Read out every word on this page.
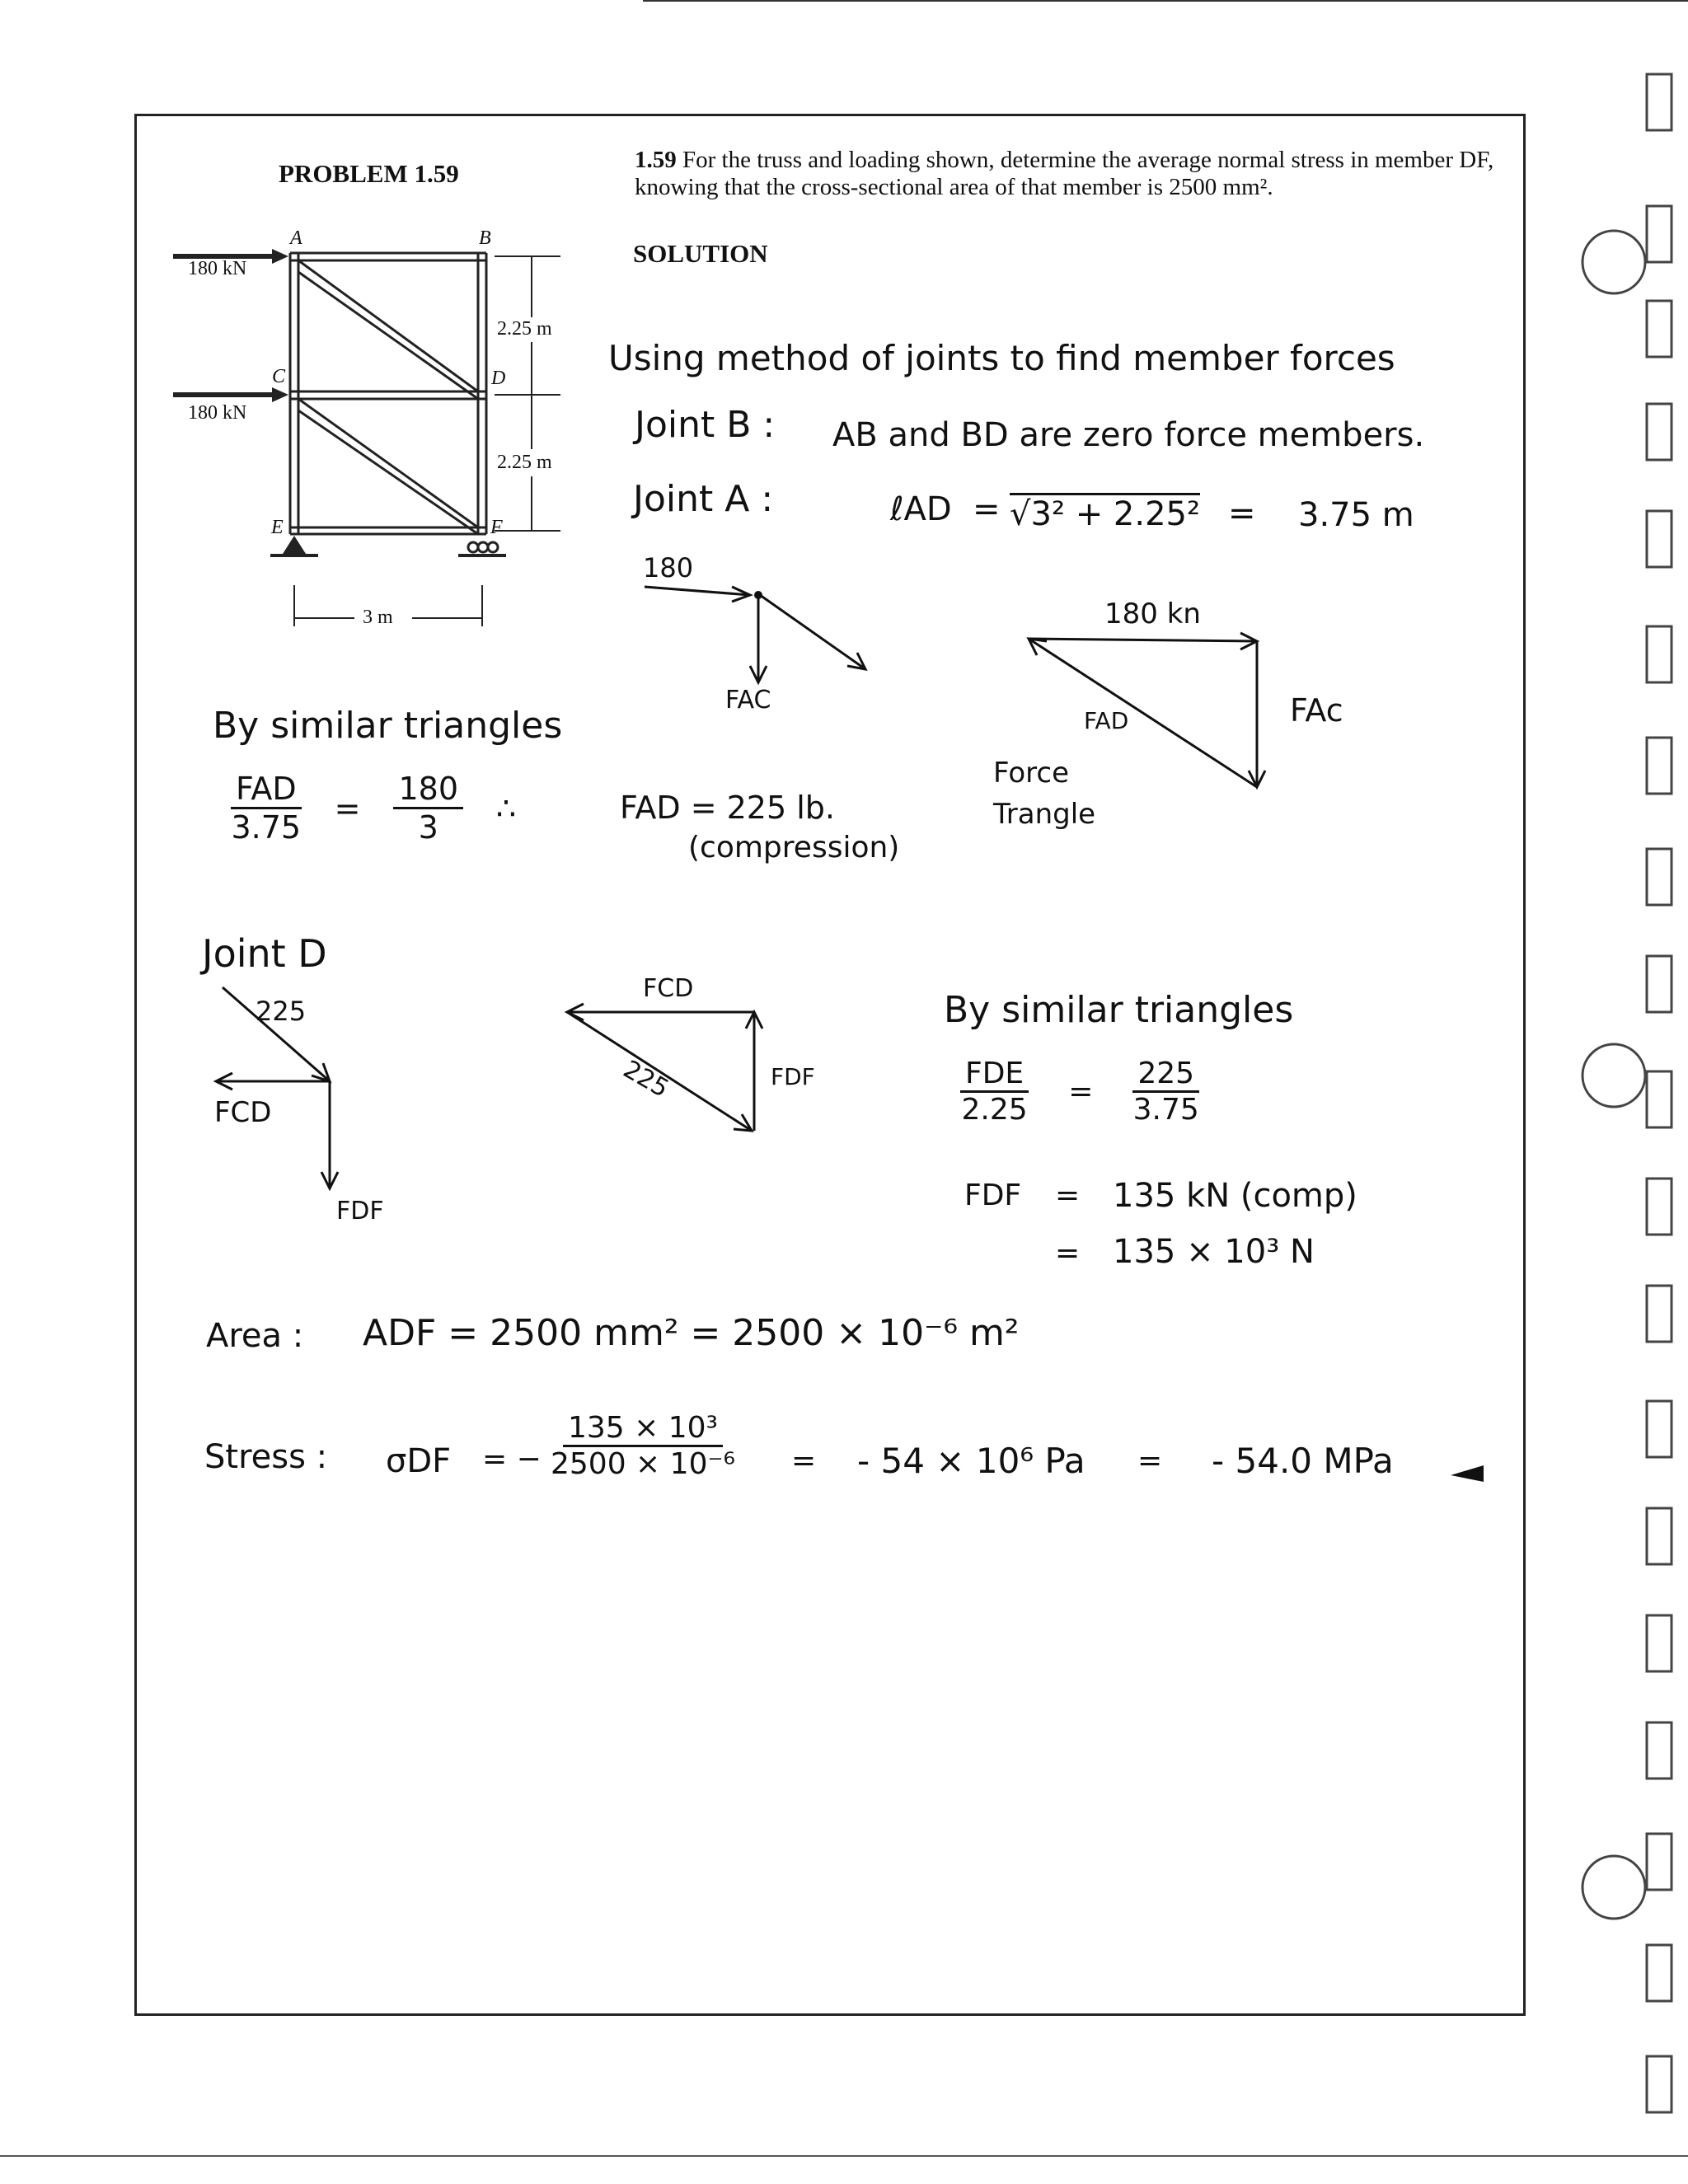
PROBLEM 1.59	1.59 For the truss and loading shown, determine the average normal stress in member DF, knowing that the cross-sectional area of that member is 2500 mm².
SOLUTION
180 kN
180 kN
2.25 m
2.25 m
3 m
A	B
C	D
E	F
Using method of joints to find member forces
Joint B : AB and BD are zero force members.
Joint A :	ℓAD = √3² + 2.25² = 3.75 m
180
FAC
180 kn
FAD	FAc
Force
Trangle
By similar triangles
$\frac{\text{FAD}}{3.75} = \frac{180}{3}$ ∴	FAD = 225 lb.
(compression)
Joint D
225
FCD
FDF
FCD
225	FDF
By similar triangles
$\frac{\text{FDE}}{2.25} = \frac{225}{3.75}$
FDF = 135 kN (comp)
= 135 × 10³ N
Area : ADF = 2500 mm² = 2500 × 10⁻⁶ m²
Stress : σDF = − $\frac{\text{135 × 10³}}{\text{2500 × 10⁻⁶}}$ = - 54 × 10⁶ Pa = - 54.0 MPa
